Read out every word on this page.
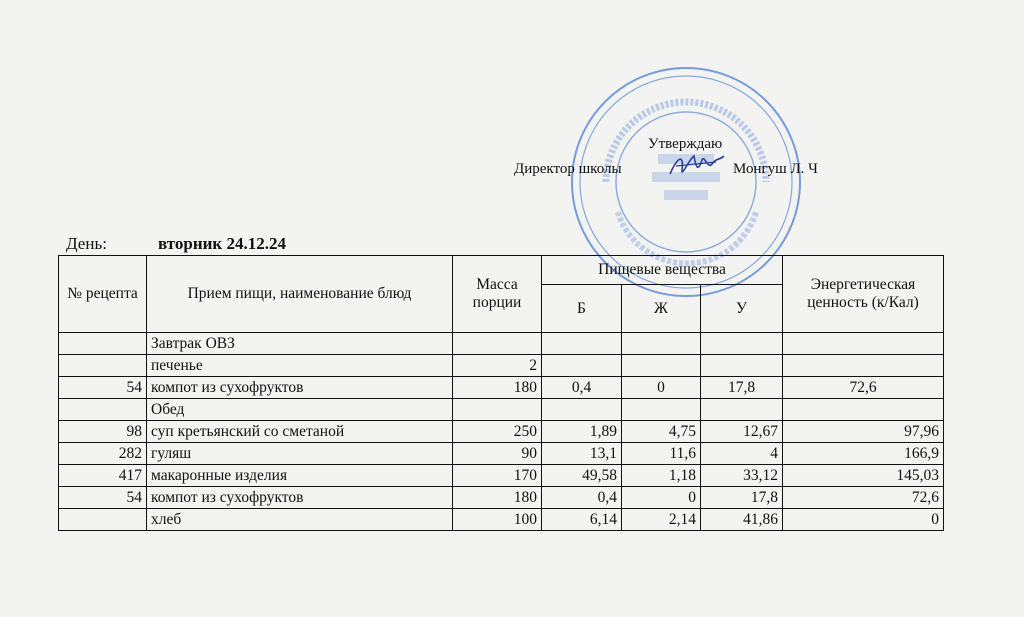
Утверждаю
Директор школы	Монгуш Л. Ч
День:	вторник 24.12.24
№ рецепта	Прием пищи, наименование блюд	Масса порции	Пищевые вещества			Энергетическая ценность (к/Кал)
			Б	Ж	У	
	Завтрак ОВЗ					
	печенье	2				
54	компот из сухофруктов	180	0,4	0	17,8	72,6
	Обед					
98	суп кретьянский со сметаной	250	1,89	4,75	12,67	97,96
282	гуляш	90	13,1	11,6	4	166,9
417	макаронные изделия	170	49,58	1,18	33,12	145,03
54	компот из сухофруктов	180	0,4	0	17,8	72,6
	хлеб	100	6,14	2,14	41,86	0
